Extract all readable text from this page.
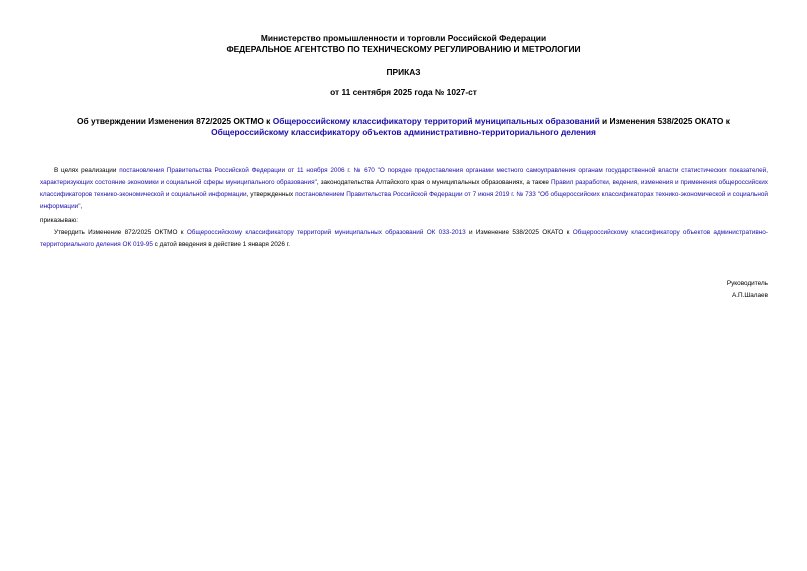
Министерство промышленности и торговли Российской Федерации
ФЕДЕРАЛЬНОЕ АГЕНТСТВО ПО ТЕХНИЧЕСКОМУ РЕГУЛИРОВАНИЮ И МЕТРОЛОГИИ
ПРИКАЗ
от 11 сентября 2025 года № 1027-ст
Об утверждении Изменения 872/2025 ОКТМО к Общероссийскому классификатору территорий муниципальных образований и Изменения 538/2025 ОКАТО к Общероссийскому классификатору объектов административно-территориального деления
В целях реализации постановления Правительства Российской Федерации от 11 ноября 2006 г. № 670 "О порядке предоставления органами местного самоуправления органам государственной власти статистических показателей, характеризующих состояние экономики и социальной сферы муниципального образования", законодательства Алтайского края о муниципальных образованиях, а также Правил разработки, ведения, изменения и применения общероссийских классификаторов технико-экономической и социальной информации, утвержденных постановлением Правительства Российской Федерации от 7 июня 2019 г. № 733 "Об общероссийских классификаторах технико-экономической и социальной информации",
приказываю:
Утвердить Изменение 872/2025 ОКТМО к Общероссийскому классификатору территорий муниципальных образований ОК 033-2013 и Изменение 538/2025 ОКАТО к Общероссийскому классификатору объектов административно-территориального деления ОК 019-95 с датой введения в действие 1 января 2026 г.
Руководитель
А.П.Шалаев
